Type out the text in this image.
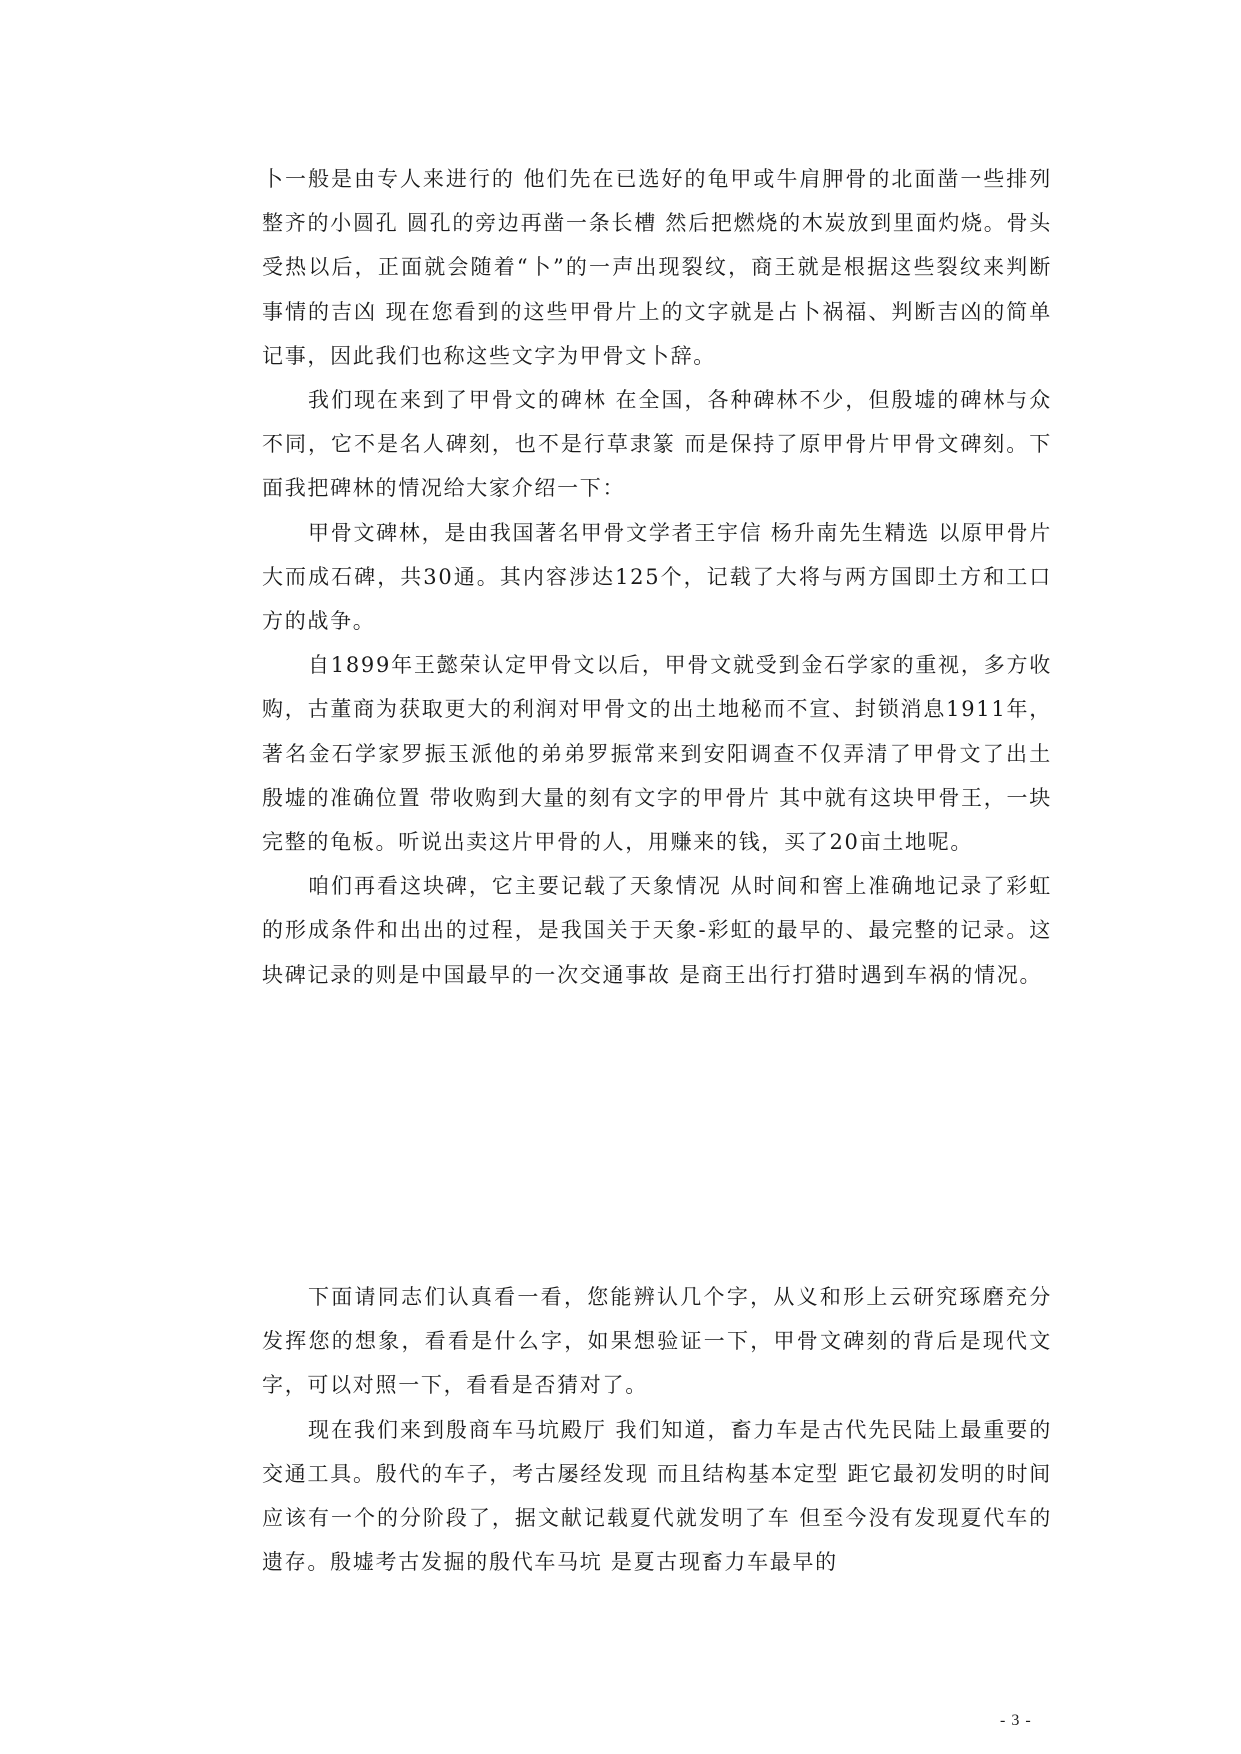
卜一般是由专人来进行的 他们先在已选好的龟甲或牛肩胛骨的北面凿一些排列整齐的小圆孔 圆孔的旁边再凿一条长槽 然后把燃烧的木炭放到里面灼烧。骨头受热以后，正面就会随着“卜”的一声出现裂纹，商王就是根据这些裂纹来判断事情的吉凶 现在您看到的这些甲骨片上的文字就是占卜祸福、判断吉凶的简单记事，因此我们也称这些文字为甲骨文卜辞。

我们现在来到了甲骨文的碑林 在全国，各种碑林不少，但殷墟的碑林与众不同，它不是名人碑刻，也不是行草隶篆 而是保持了原甲骨片甲骨文碑刻。下面我把碑林的情况给大家介绍一下：

甲骨文碑林，是由我国著名甲骨文学者王宇信 杨升南先生精选 以原甲骨片大而成石碑，共30通。其内容涉达125个，记载了大将与两方国即土方和工口方的战争。

自1899年王懿荣认定甲骨文以后，甲骨文就受到金石学家的重视，多方收购，古董商为获取更大的利润对甲骨文的出土地秘而不宣、封锁消息1911年，著名金石学家罗振玉派他的弟弟罗振常来到安阳调查不仅弄清了甲骨文了出土殷墟的准确位置 带收购到大量的刻有文字的甲骨片 其中就有这块甲骨王，一块完整的龟板。听说出卖这片甲骨的人，用赚来的钱，买了20亩土地呢。

咱们再看这块碑，它主要记载了天象情况 从时间和窖上准确地记录了彩虹的形成条件和出出的过程，是我国关于天象-彩虹的最早的、最完整的记录。这块碑记录的则是中国最早的一次交通事故 是商王出行打猎时遇到车祸的情况。

下面请同志们认真看一看，您能辨认几个字，从义和形上云研究琢磨充分发挥您的想象，看看是什么字，如果想验证一下，甲骨文碑刻的背后是现代文字，可以对照一下，看看是否猜对了。

现在我们来到殷商车马坑殿厅 我们知道，畜力车是古代先民陆上最重要的交通工具。殷代的车子，考古屡经发现 而且结构基本定型 距它最初发明的时间应该有一个的分阶段了，据文献记载夏代就发明了车 但至今没有发现夏代车的遗存。殷墟考古发掘的殷代车马坑 是夏古现畜力车最早的

- 3 -
